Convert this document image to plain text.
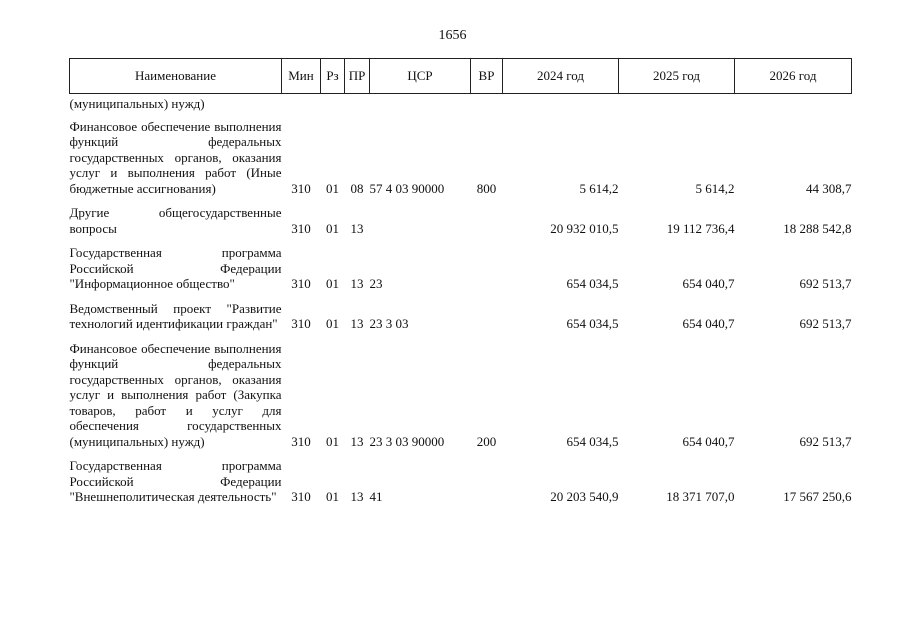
1656
Наименование	Мин	Рз	ПР	ЦСР	ВР	2024 год	2025 год	2026 год

(муниципальных) нужд)								

Финансовое обеспечение выполнения функций федеральных государственных органов, оказания услуг и выполнения работ (Иные бюджетные ассигнования)	310	01	08	57 4 03 90000	800	5 614,2	5 614,2	44 308,7

Другие общегосударственные вопросы	310	01	13			20 932 010,5	19 112 736,4	18 288 542,8

Государственная программа Российской Федерации "Информационное общество"	310	01	13	23		654 034,5	654 040,7	692 513,7

Ведомственный проект "Развитие технологий идентификации граждан"	310	01	13	23 3 03		654 034,5	654 040,7	692 513,7

Финансовое обеспечение выполнения функций федеральных государственных органов, оказания услуг и выполнения работ (Закупка товаров, работ и услуг для обеспечения государственных (муниципальных) нужд)	310	01	13	23 3 03 90000	200	654 034,5	654 040,7	692 513,7

Государственная программа Российской Федерации "Внешнеполитическая деятельность"	310	01	13	41		20 203 540,9	18 371 707,0	17 567 250,6
